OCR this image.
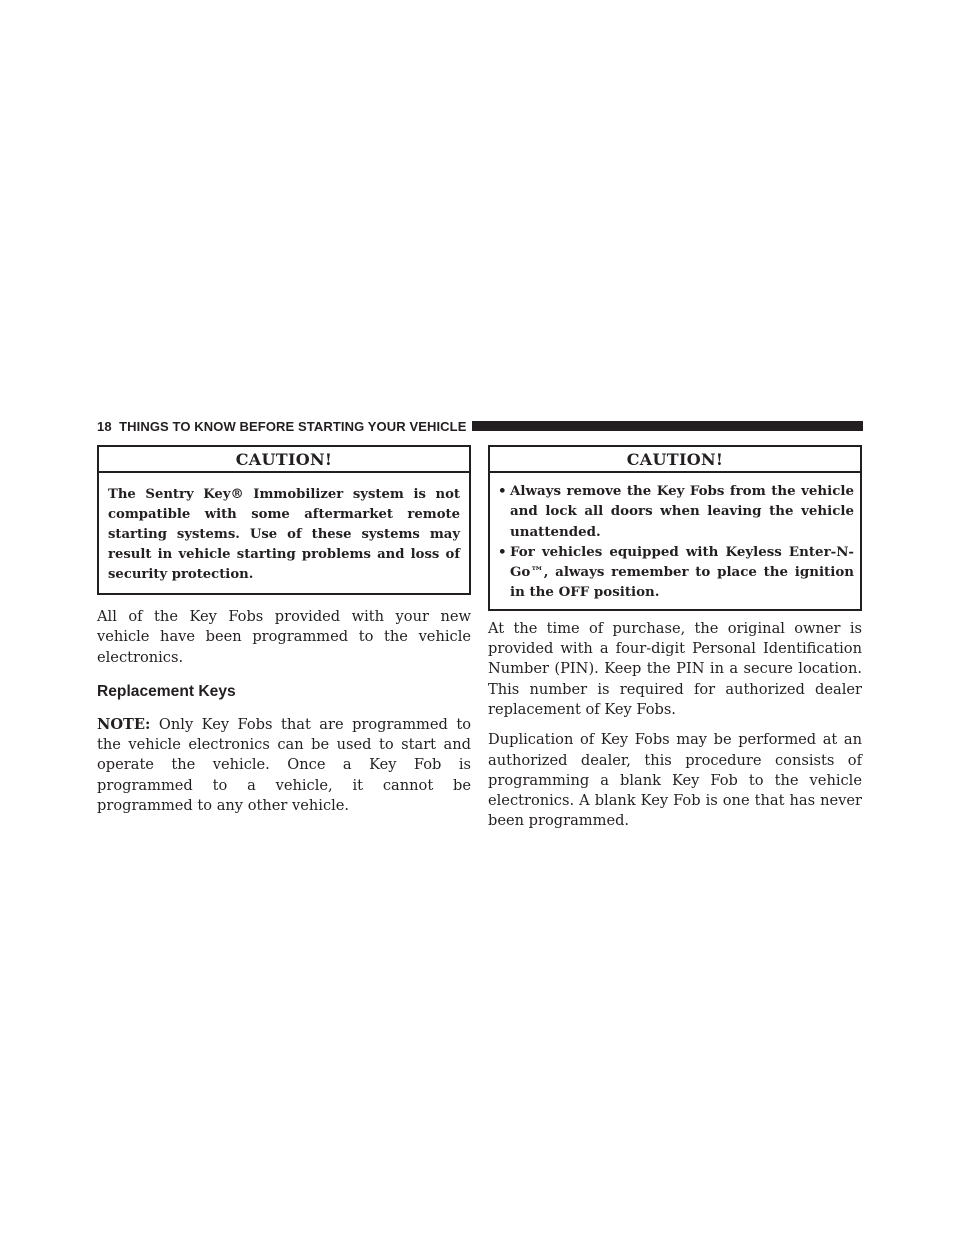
18 THINGS TO KNOW BEFORE STARTING YOUR VEHICLE
CAUTION!
The Sentry Key® Immobilizer system is not compatible with some aftermarket remote starting systems. Use of these systems may result in vehicle starting problems and loss of security protection.

All of the Key Fobs provided with your new vehicle have been programmed to the vehicle electronics.

Replacement Keys

NOTE: Only Key Fobs that are programmed to the vehicle electronics can be used to start and operate the vehicle. Once a Key Fob is programmed to a vehicle, it cannot be programmed to any other vehicle.

CAUTION!
• Always remove the Key Fobs from the vehicle and lock all doors when leaving the vehicle unattended.
• For vehicles equipped with Keyless Enter-N-Go™, always remember to place the ignition in the OFF position.

At the time of purchase, the original owner is provided with a four-digit Personal Identification Number (PIN). Keep the PIN in a secure location. This number is required for authorized dealer replacement of Key Fobs.

Duplication of Key Fobs may be performed at an authorized dealer, this procedure consists of programming a blank Key Fob to the vehicle electronics. A blank Key Fob is one that has never been programmed.
